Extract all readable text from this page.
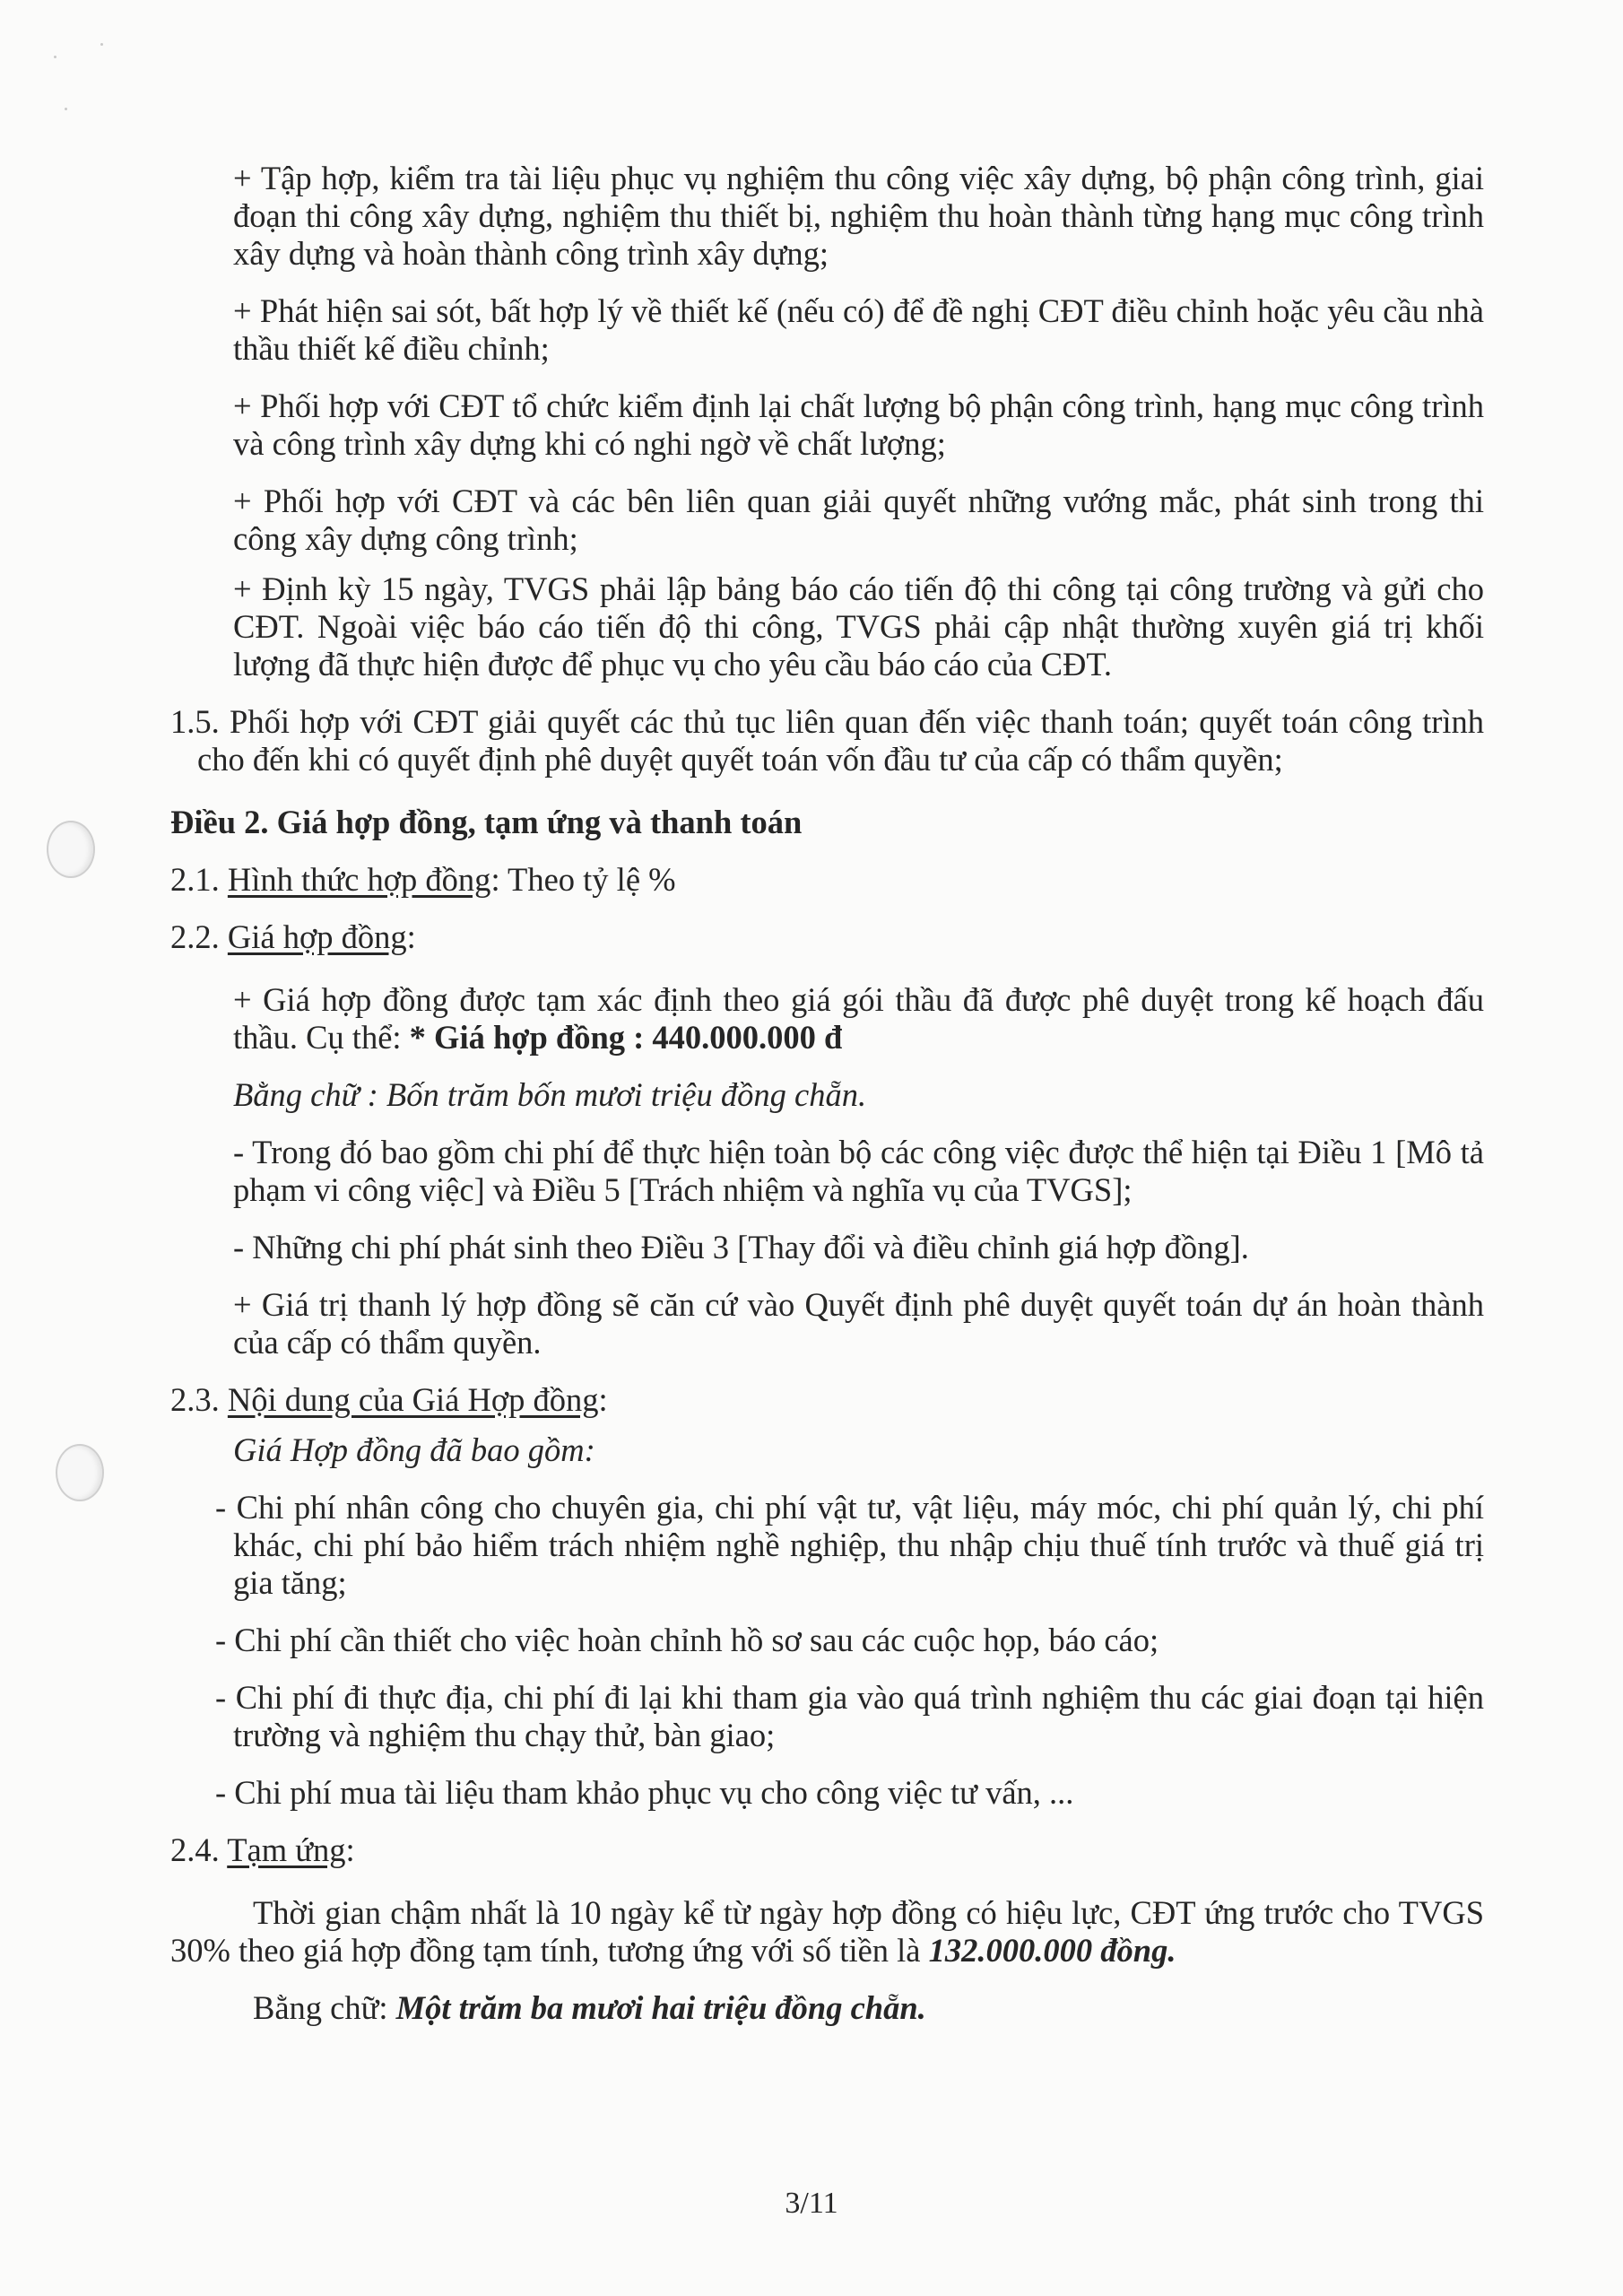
+ Tập hợp, kiểm tra tài liệu phục vụ nghiệm thu công việc xây dựng, bộ phận công trình, giai đoạn thi công xây dựng, nghiệm thu thiết bị, nghiệm thu hoàn thành từng hạng mục công trình xây dựng và hoàn thành công trình xây dựng;

+ Phát hiện sai sót, bất hợp lý về thiết kế (nếu có) để đề nghị CĐT điều chỉnh hoặc yêu cầu nhà thầu thiết kế điều chỉnh;

+ Phối hợp với CĐT tổ chức kiểm định lại chất lượng bộ phận công trình, hạng mục công trình và công trình xây dựng khi có nghi ngờ về chất lượng;

+ Phối hợp với CĐT và các bên liên quan giải quyết những vướng mắc, phát sinh trong thi công xây dựng công trình;

+ Định kỳ 15 ngày, TVGS phải lập bảng báo cáo tiến độ thi công tại công trường và gửi cho CĐT. Ngoài việc báo cáo tiến độ thi công, TVGS phải cập nhật thường xuyên giá trị khối lượng đã thực hiện được để phục vụ cho yêu cầu báo cáo của CĐT.

1.5. Phối hợp với CĐT giải quyết các thủ tục liên quan đến việc thanh toán; quyết toán công trình cho đến khi có quyết định phê duyệt quyết toán vốn đầu tư của cấp có thẩm quyền;

Điều 2. Giá hợp đồng, tạm ứng và thanh toán

2.1. Hình thức hợp đồng: Theo tỷ lệ %

2.2. Giá hợp đồng:

+ Giá hợp đồng được tạm xác định theo giá gói thầu đã được phê duyệt trong kế hoạch đấu thầu. Cụ thể: * Giá hợp đồng : 440.000.000 đ

Bằng chữ : Bốn trăm bốn mươi triệu đồng chẵn.

- Trong đó bao gồm chi phí để thực hiện toàn bộ các công việc được thể hiện tại Điều 1 [Mô tả phạm vi công việc] và Điều 5 [Trách nhiệm và nghĩa vụ của TVGS];

- Những chi phí phát sinh theo Điều 3 [Thay đổi và điều chỉnh giá hợp đồng].

+ Giá trị thanh lý hợp đồng sẽ căn cứ vào Quyết định phê duyệt quyết toán dự án hoàn thành của cấp có thẩm quyền.

2.3. Nội dung của Giá Hợp đồng:

Giá Hợp đồng đã bao gồm:

- Chi phí nhân công cho chuyên gia, chi phí vật tư, vật liệu, máy móc, chi phí quản lý, chi phí khác, chi phí bảo hiểm trách nhiệm nghề nghiệp, thu nhập chịu thuế tính trước và thuế giá trị gia tăng;

- Chi phí cần thiết cho việc hoàn chỉnh hồ sơ sau các cuộc họp, báo cáo;

- Chi phí đi thực địa, chi phí đi lại khi tham gia vào quá trình nghiệm thu các giai đoạn tại hiện trường và nghiệm thu chạy thử, bàn giao;

- Chi phí mua tài liệu tham khảo phục vụ cho công việc tư vấn, ...

2.4. Tạm ứng:

Thời gian chậm nhất là 10 ngày kể từ ngày hợp đồng có hiệu lực, CĐT ứng trước cho TVGS 30% theo giá hợp đồng tạm tính, tương ứng với số tiền là 132.000.000 đồng.

Bằng chữ: Một trăm ba mươi hai triệu đồng chẵn.

3/11
